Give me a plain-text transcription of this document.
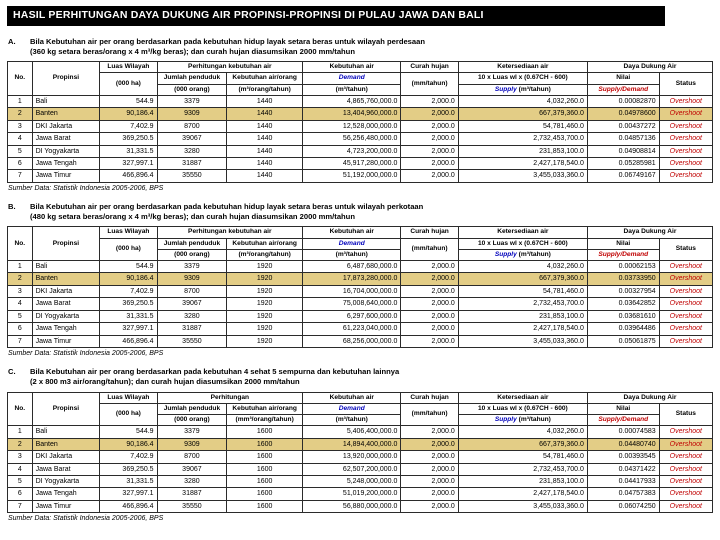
HASIL PERHITUNGAN DAYA DUKUNG AIR PROPINSI-PROPINSI DI PULAU JAWA DAN BALI
A.	Bila Kebutuhan air per orang berdasarkan pada kebutuhan hidup layak setara beras untuk wilayah perdesaan
(360 kg setara beras/orang x 4 m³/kg beras); dan curah hujan diasumsikan 2000 mm/tahun
No.	Propinsi	Luas Wilayah	Perhitungan kebutuhan air		Kebutuhan air	Curah hujan	Ketersediaan air	Daya Dukung Air	
		(000 ha)	Jumlah penduduk	Kebutuhan air/orang	Demand	(mm/tahun)	10 x Luas wl x (0.67CH - 600)	Nilai	Status
			(000 orang)	(m³/orang/tahun)	(m³/tahun)		Supply (m³/tahun)	Supply/Demand	
1	Bali	544.9	3379	1440	4,865,760,000.0	2,000.0	4,032,260.0	0.00082870	Overshoot
2	Banten	90,186.4	9309	1440	13,404,960,000.0	2,000.0	667,379,360.0	0.04978600	Overshoot
3	DKI Jakarta	7,402.9	8700	1440	12,528,000,000.0	2,000.0	54,781,460.0	0.00437272	Overshoot
4	Jawa Barat	369,250.5	39067	1440	56,256,480,000.0	2,000.0	2,732,453,700.0	0.04857136	Overshoot
5	DI Yogyakarta	31,331.5	3280	1440	4,723,200,000.0	2,000.0	231,853,100.0	0.04908814	Overshoot
6	Jawa Tengah	327,997.1	31887	1440	45,917,280,000.0	2,000.0	2,427,178,540.0	0.05285981	Overshoot
7	Jawa Timur	466,896.4	35550	1440	51,192,000,000.0	2,000.0	3,455,033,360.0	0.06749167	Overshoot
Sumber Data: Statistik Indonesia 2005-2006, BPS
B.	Bila Kebutuhan air per orang berdasarkan pada kebutuhan hidup layak setara beras untuk wilayah perkotaan
(480 kg setara beras/orang x 4 m³/kg beras); dan curah hujan diasumsikan 2000 mm/tahun
No.	Propinsi	Luas Wilayah	Perhitungan kebutuhan air		Kebutuhan air	Curah hujan	Ketersediaan air	Daya Dukung Air	
		(000 ha)	Jumlah penduduk	Kebutuhan air/orang	Demand	(mm/tahun)	10 x Luas wl x (0.67CH - 600)	Nilai	Status
			(000 orang)	(m³/orang/tahun)	(m³/tahun)		Supply (m³/tahun)	Supply/Demand	
1	Bali	544.9	3379	1920	6,487,680,000.0	2,000.0	4,032,260.0	0.00062153	Overshoot
2	Banten	90,186.4	9309	1920	17,873,280,000.0	2,000.0	667,379,360.0	0.03733950	Overshoot
3	DKI Jakarta	7,402.9	8700	1920	16,704,000,000.0	2,000.0	54,781,460.0	0.00327954	Overshoot
4	Jawa Barat	369,250.5	39067	1920	75,008,640,000.0	2,000.0	2,732,453,700.0	0.03642852	Overshoot
5	DI Yogyakarta	31,331.5	3280	1920	6,297,600,000.0	2,000.0	231,853,100.0	0.03681610	Overshoot
6	Jawa Tengah	327,997.1	31887	1920	61,223,040,000.0	2,000.0	2,427,178,540.0	0.03964486	Overshoot
7	Jawa Timur	466,896.4	35550	1920	68,256,000,000.0	2,000.0	3,455,033,360.0	0.05061875	Overshoot
Sumber Data: Statistik Indonesia 2005-2006, BPS
C.	Bila Kebutuhan air per orang berdasarkan pada kebutuhan 4 sehat 5 sempurna dan kebutuhan lainnya
(2 x 800 m3 air/orang/tahun); dan curah hujan diasumsikan 2000 mm/tahun
No.	Propinsi	Luas Wilayah	Perhitungan		Kebutuhan air	Curah hujan	Ketersediaan air	Daya Dukung Air	
		(000 ha)	Jumlah penduduk	Kebutuhan air/orang	Demand	(mm/tahun)	10 x Luas wl x (0.67CH - 600)	Nilai	Status
			(000 orang)	(mm³/orang/tahun)	(m³/tahun)		Supply (m³/tahun)	Supply/Demand	
1	Bali	544.9	3379	1600	5,406,400,000.0	2,000.0	4,032,260.0	0.00074583	Overshoot
2	Banten	90,186.4	9309	1600	14,894,400,000.0	2,000.0	667,379,360.0	0.04480740	Overshoot
3	DKI Jakarta	7,402.9	8700	1600	13,920,000,000.0	2,000.0	54,781,460.0	0.00393545	Overshoot
4	Jawa Barat	369,250.5	39067	1600	62,507,200,000.0	2,000.0	2,732,453,700.0	0.04371422	Overshoot
5	DI Yogyakarta	31,331.5	3280	1600	5,248,000,000.0	2,000.0	231,853,100.0	0.04417933	Overshoot
6	Jawa Tengah	327,997.1	31887	1600	51,019,200,000.0	2,000.0	2,427,178,540.0	0.04757383	Overshoot
7	Jawa Timur	466,896.4	35550	1600	56,880,000,000.0	2,000.0	3,455,033,360.0	0.06074250	Overshoot
Sumber Data: Statistik Indonesia 2005-2006, BPS
